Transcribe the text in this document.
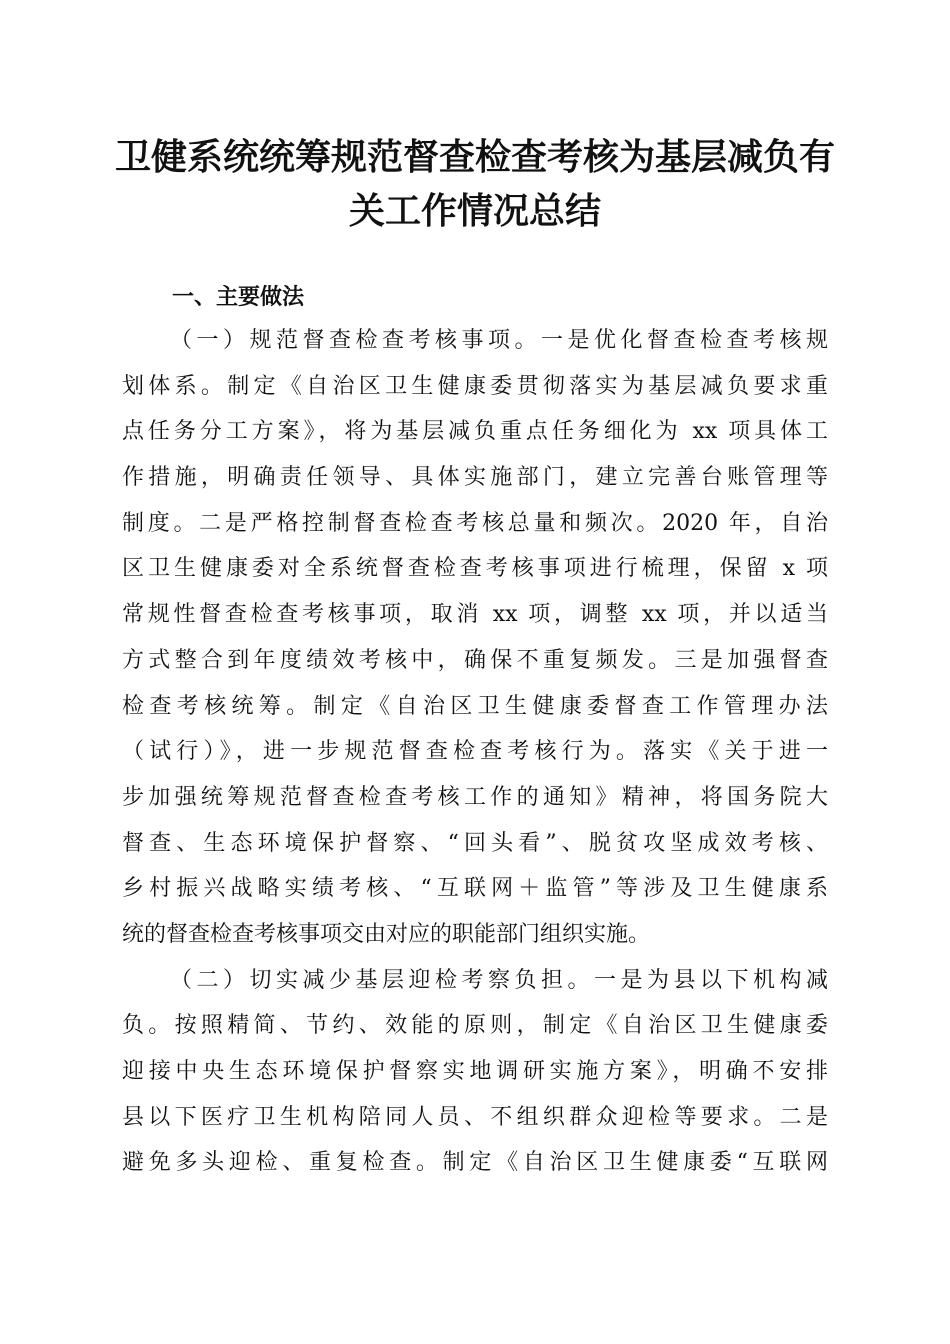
卫健系统统筹规范督查检查考核为基层减负有
关工作情况总结
一、主要做法
（一）规范督查检查考核事项。一是优化督查检查考核规
划体系。制定《自治区卫生健康委贯彻落实为基层减负要求重
点任务分工方案》，将为基层减负重点任务细化为 xx 项具体工
作措施，明确责任领导、具体实施部门，建立完善台账管理等
制度。二是严格控制督查检查考核总量和频次。2020 年，自治
区卫生健康委对全系统督查检查考核事项进行梳理，保留 x 项
常规性督查检查考核事项，取消 xx 项，调整 xx 项，并以适当
方式整合到年度绩效考核中，确保不重复频发。三是加强督查
检查考核统筹。制定《自治区卫生健康委督查工作管理办法
（试行）》，进一步规范督查检查考核行为。落实《关于进一
步加强统筹规范督查检查考核工作的通知》精神，将国务院大
督查、生态环境保护督察、“回头看”、脱贫攻坚成效考核、
乡村振兴战略实绩考核、“互联网＋监管”等涉及卫生健康系
统的督查检查考核事项交由对应的职能部门组织实施。
（二）切实减少基层迎检考察负担。一是为县以下机构减
负。按照精简、节约、效能的原则，制定《自治区卫生健康委
迎接中央生态环境保护督察实地调研实施方案》，明确不安排
县以下医疗卫生机构陪同人员、不组织群众迎检等要求。二是
避免多头迎检、重复检查。制定《自治区卫生健康委“互联网
